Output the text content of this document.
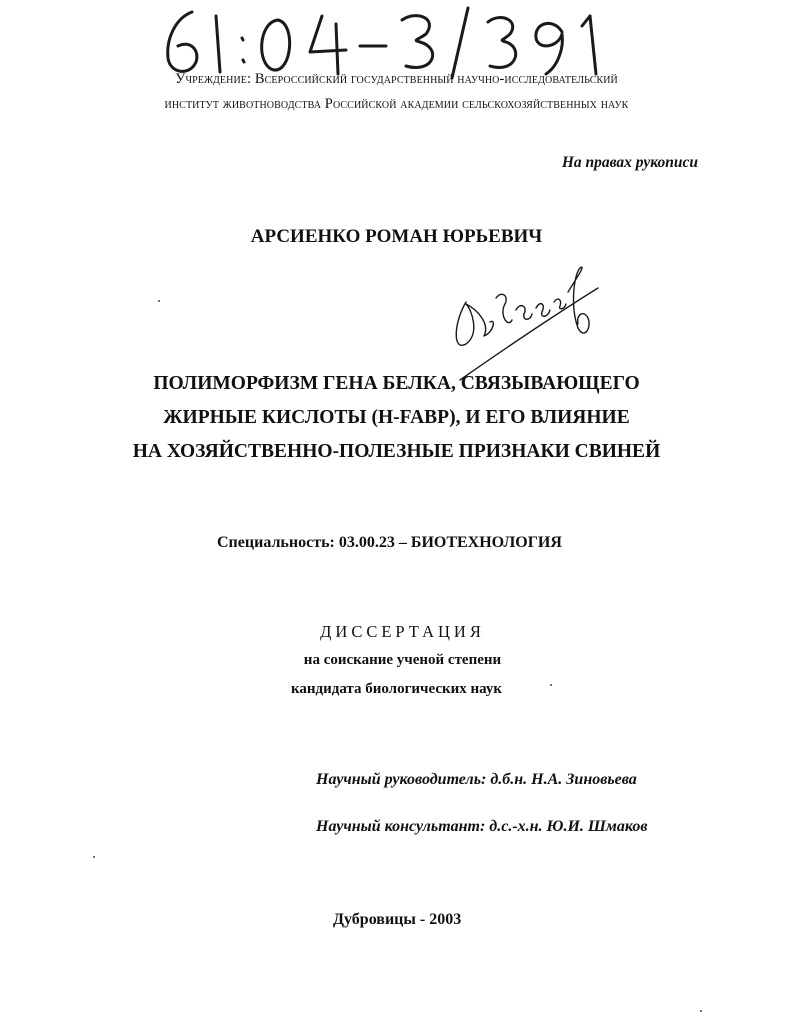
Учреждение: Всероссийский государственный научно-исследовательский
институт животноводства Российской академии сельскохозяйственных наук
На правах рукописи
АРСИЕНКО РОМАН ЮРЬЕВИЧ
ПОЛИМОРФИЗМ ГЕНА БЕЛКА, СВЯЗЫВАЮЩЕГО
ЖИРНЫЕ КИСЛОТЫ (H-FABP), И ЕГО ВЛИЯНИЕ
НА ХОЗЯЙСТВЕННО-ПОЛЕЗНЫЕ ПРИЗНАКИ СВИНЕЙ
Специальность: 03.00.23 – БИОТЕХНОЛОГИЯ
ДИССЕРТАЦИЯ
на соискание ученой степени
кандидата биологических наук
Научный руководитель: д.б.н. Н.А. Зиновьева
Научный консультант: д.с.-х.н. Ю.И. Шмаков
Дубровицы - 2003
